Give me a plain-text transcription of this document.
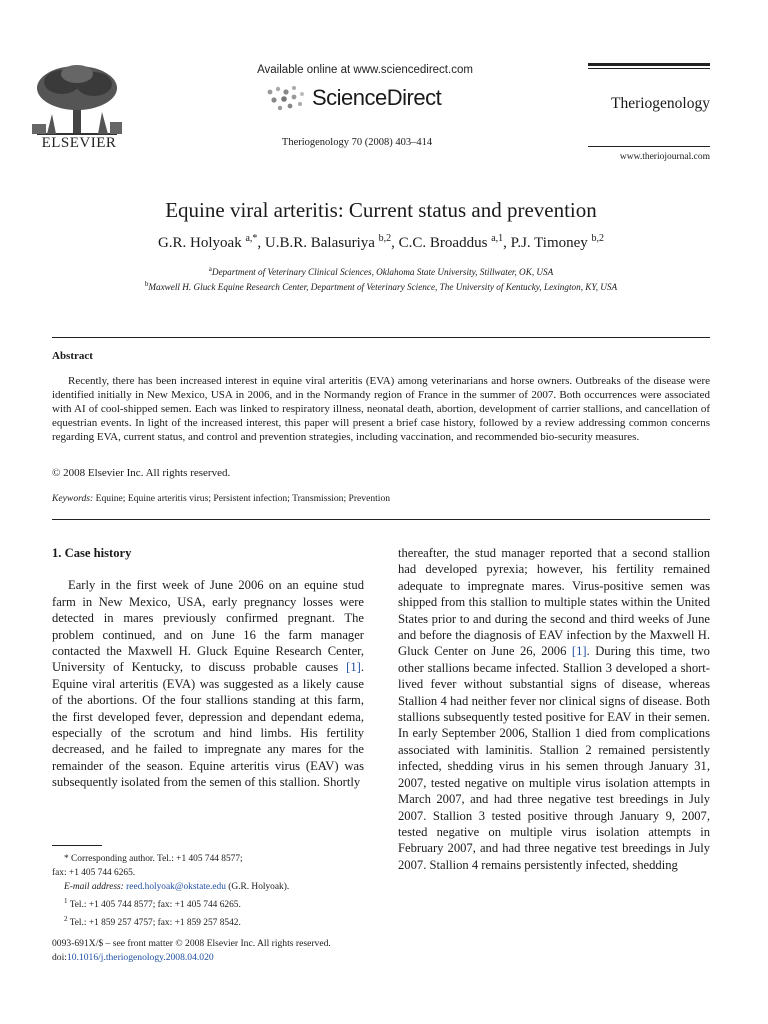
ELSEVIER
Available online at www.sciencedirect.com
ScienceDirect
Theriogenology 70 (2008) 403–414
Theriogenology
www.theriojournal.com
Equine viral arteritis: Current status and prevention
G.R. Holyoak $^{a,*}$, U.B.R. Balasuriya $^{b,2}$, C.C. Broaddus $^{a,1}$, P.J. Timoney $^{b,2}$
$^a$Department of Veterinary Clinical Sciences, Oklahoma State University, Stillwater, OK, USA
$^b$Maxwell H. Gluck Equine Research Center, Department of Veterinary Science, The University of Kentucky, Lexington, KY, USA
Abstract
Recently, there has been increased interest in equine viral arteritis (EVA) among veterinarians and horse owners. Outbreaks of the disease were identified initially in New Mexico, USA in 2006, and in the Normandy region of France in the summer of 2007. Both occurrences were associated with AI of cool-shipped semen. Each was linked to respiratory illness, neonatal death, abortion, development of carrier stallions, and cancellation of equestrian events. In light of the increased interest, this paper will present a brief case history, followed by a review addressing common concerns regarding EVA, current status, and control and prevention strategies, including vaccination, and recommended bio-security measures.
© 2008 Elsevier Inc. All rights reserved.
Keywords: Equine; Equine arteritis virus; Persistent infection; Transmission; Prevention
1. Case history

Early in the first week of June 2006 on an equine stud farm in New Mexico, USA, early pregnancy losses were detected in mares previously confirmed pregnant. The problem continued, and on June 16 the farm manager contacted the Maxwell H. Gluck Equine Research Center, University of Kentucky, to discuss probable causes [1]. Equine viral arteritis (EVA) was suggested as a likely cause of the abortions. Of the four stallions standing at this farm, the first developed fever, depression and dependant edema, especially of the scrotum and hind limbs. His fertility decreased, and he failed to impregnate any mares for the remainder of the season. Equine arteritis virus (EAV) was subsequently isolated from the semen of this stallion. Shortly

thereafter, the stud manager reported that a second stallion had developed pyrexia; however, his fertility remained adequate to impregnate mares. Virus-positive semen was shipped from this stallion to multiple states within the United States prior to and during the second and third weeks of June and before the diagnosis of EAV infection by the Maxwell H. Gluck Center on June 26, 2006 [1]. During this time, two other stallions became infected. Stallion 3 developed a short-lived fever without substantial signs of disease, whereas Stallion 4 had neither fever nor clinical signs of disease. Both stallions subsequently tested positive for EAV in their semen. In early September 2006, Stallion 1 died from complications associated with laminitis. Stallion 2 remained persistently infected, shedding virus in his semen through January 31, 2007, tested negative on multiple virus isolation attempts in March 2007, and had three negative test breedings in July 2007. Stallion 3 tested positive through January 9, 2007, tested negative on multiple virus isolation attempts in February 2007, and had three negative test breedings in July 2007. Stallion 4 remains persistently infected, shedding

* Corresponding author. Tel.: +1 405 744 8577;
fax: +1 405 744 6265.
E-mail address: reed.holyoak@okstate.edu (G.R. Holyoak).
$^1$ Tel.: +1 405 744 8577; fax: +1 405 744 6265.
$^2$ Tel.: +1 859 257 4757; fax: +1 859 257 8542.
0093-691X/$ – see front matter © 2008 Elsevier Inc. All rights reserved.
doi:10.1016/j.theriogenology.2008.04.020
